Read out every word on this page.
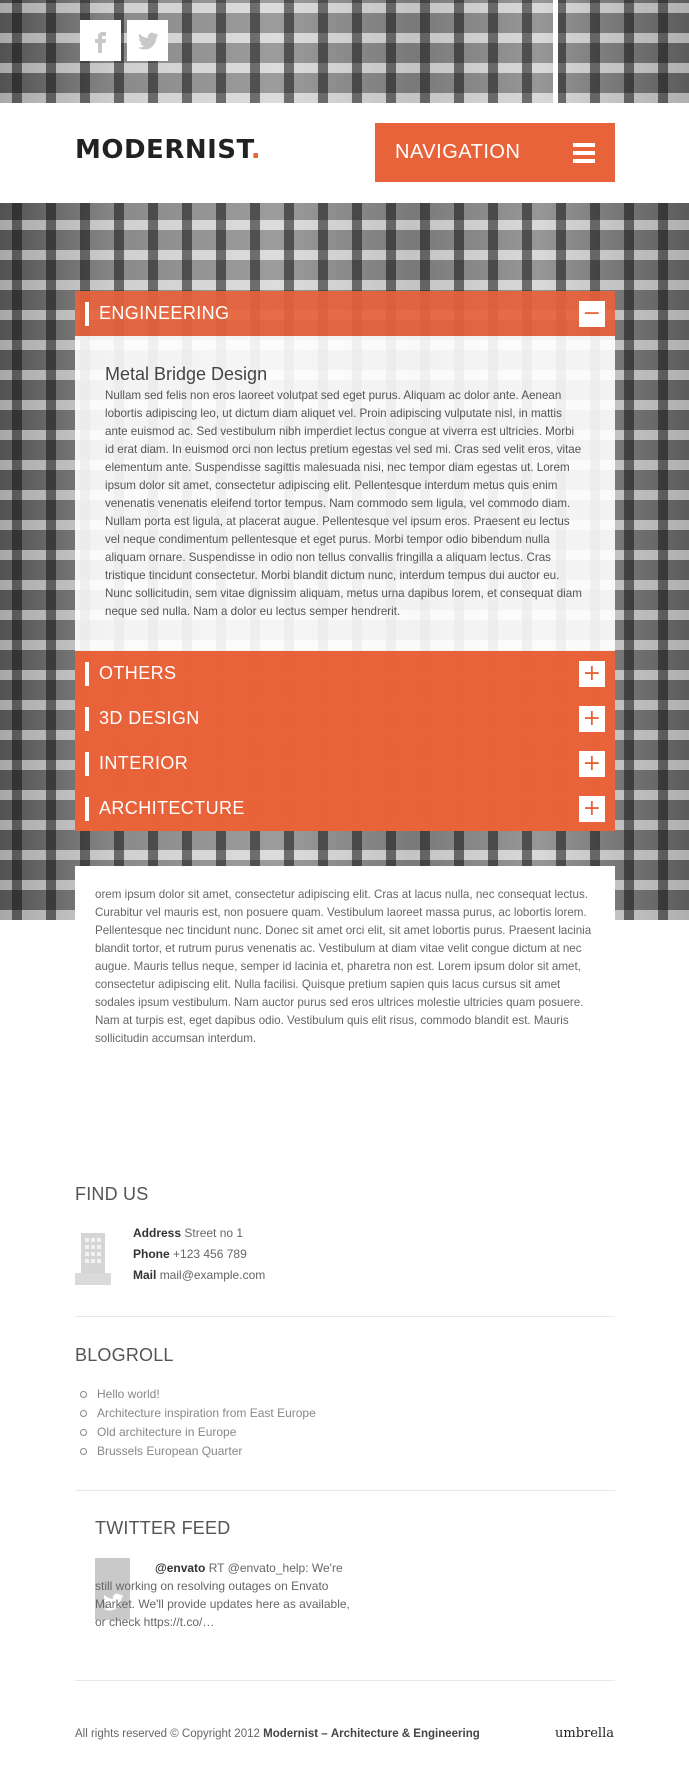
MODERNIST.	NAVIGATION
ENGINEERING	−
Metal Bridge Design

Nullam sed felis non eros laoreet volutpat sed eget purus. Aliquam ac dolor ante. Aenean lobortis adipiscing leo, ut dictum diam aliquet vel. Proin adipiscing vulputate nisl, in mattis ante euismod ac. Sed vestibulum nibh imperdiet lectus congue at viverra est ultricies. Morbi id erat diam. In euismod orci non lectus pretium egestas vel sed mi. Cras sed velit eros, vitae elementum ante. Suspendisse sagittis malesuada nisi, nec tempor diam egestas ut. Lorem ipsum dolor sit amet, consectetur adipiscing elit. Pellentesque interdum metus quis enim venenatis venenatis eleifend tortor tempus. Nam commodo sem ligula, vel commodo diam. Nullam porta est ligula, at placerat augue. Pellentesque vel ipsum eros. Praesent eu lectus vel neque condimentum pellentesque et eget purus. Morbi tempor odio bibendum nulla aliquam ornare. Suspendisse in odio non tellus convallis fringilla a aliquam lectus. Cras tristique tincidunt consectetur. Morbi blandit dictum nunc, interdum tempus dui auctor eu. Nunc sollicitudin, sem vitae dignissim aliquam, metus urna dapibus lorem, et consequat diam neque sed nulla. Nam a dolor eu lectus semper hendrerit.

OTHERS	+
3D DESIGN	+
INTERIOR	+
ARCHITECTURE	+

orem ipsum dolor sit amet, consectetur adipiscing elit. Cras at lacus nulla, nec consequat lectus. Curabitur vel mauris est, non posuere quam. Vestibulum laoreet massa purus, ac lobortis lorem. Pellentesque nec tincidunt nunc. Donec sit amet orci elit, sit amet lobortis purus. Praesent lacinia blandit tortor, et rutrum purus venenatis ac. Vestibulum at diam vitae velit congue dictum at nec augue. Mauris tellus neque, semper id lacinia et, pharetra non est. Lorem ipsum dolor sit amet, consectetur adipiscing elit. Nulla facilisi. Quisque pretium sapien quis lacus cursus sit amet sodales ipsum vestibulum. Nam auctor purus sed eros ultrices molestie ultricies quam posuere. Nam at turpis est, eget dapibus odio. Vestibulum quis elit risus, commodo blandit est. Mauris sollicitudin accumsan interdum.

FIND US
Address Street no 1
Phone +123 456 789
Mail mail@example.com
BLOGROLL
Hello world!
Architecture inspiration from East Europe
Old architecture in Europe
Brussels European Quarter
TWITTER FEED
@envato RT @envato_help: We're still working on resolving outages on Envato Market. We'll provide updates here as available, or check https://t.co/…
All rights reserved © Copyright 2012 Modernist – Architecture & Engineering	umbrella
